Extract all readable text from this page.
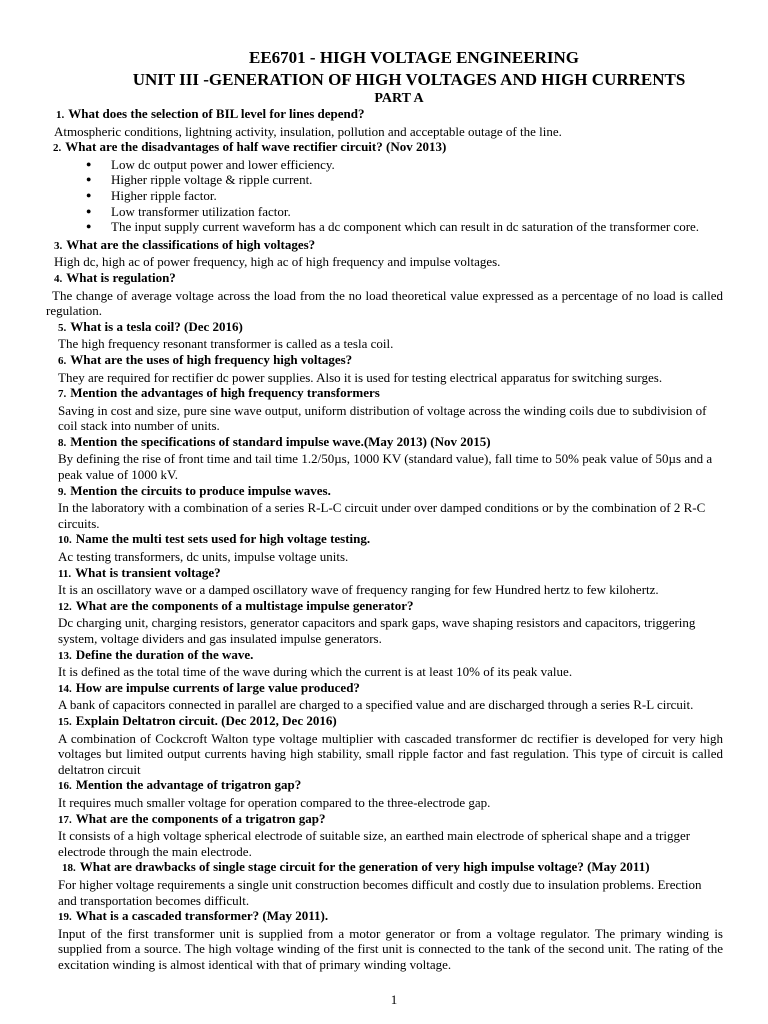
EE6701 - HIGH VOLTAGE ENGINEERING
UNIT III -GENERATION OF HIGH VOLTAGES AND HIGH CURRENTS
PART A

1. What does the selection of BIL level for lines depend?

Atmospheric conditions, lightning activity, insulation, pollution and acceptable outage of the line.

2. What are the disadvantages of half wave rectifier circuit? (Nov 2013)

● Low dc output power and lower efficiency.
● Higher ripple voltage & ripple current.
● Higher ripple factor.
● Low transformer utilization factor.
● The input supply current waveform has a dc component which can result in dc saturation of the transformer core.

3. What are the classifications of high voltages?

High dc, high ac of power frequency, high ac of high frequency and impulse voltages.

4. What is regulation?

The change of average voltage across the load from the no load theoretical value expressed as a percentage of no load is called regulation.

5. What is a tesla coil? (Dec 2016)

The high frequency resonant transformer is called as a tesla coil.

6. What are the uses of high frequency high voltages?

They are required for rectifier dc power supplies. Also it is used for testing electrical apparatus for switching surges.

7. Mention the advantages of high frequency transformers

Saving in cost and size, pure sine wave output, uniform distribution of voltage across the winding coils due to subdivision of coil stack into number of units.

8. Mention the specifications of standard impulse wave.(May 2013) (Nov 2015)

By defining the rise of front time and tail time 1.2/50µs, 1000 KV (standard value), fall time to 50% peak value of 50µs and a peak value of 1000 kV.

9. Mention the circuits to produce impulse waves.

In the laboratory with a combination of a series R-L-C circuit under over damped conditions or by the combination of 2 R-C circuits.

10. Name the multi test sets used for high voltage testing.

Ac testing transformers, dc units, impulse voltage units.

11. What is transient voltage?

It is an oscillatory wave or a damped oscillatory wave of frequency ranging for few Hundred hertz to few kilohertz.

12. What are the components of a multistage impulse generator?

Dc charging unit, charging resistors, generator capacitors and spark gaps, wave shaping resistors and capacitors, triggering system, voltage dividers and gas insulated impulse generators.

13. Define the duration of the wave.

It is defined as the total time of the wave during which the current is at least 10% of its peak value.

14. How are impulse currents of large value produced?

A bank of capacitors connected in parallel are charged to a specified value and are discharged through a series R-L circuit.

15. Explain Deltatron circuit. (Dec 2012, Dec 2016)

A combination of Cockcroft Walton type voltage multiplier with cascaded transformer dc rectifier is developed for very high voltages but limited output currents having high stability, small ripple factor and fast regulation. This type of circuit is called deltatron circuit

16. Mention the advantage of trigatron gap?

It requires much smaller voltage for operation compared to the three-electrode gap.

17. What are the components of a trigatron gap?

It consists of a high voltage spherical electrode of suitable size, an earthed main electrode of spherical shape and a trigger electrode through the main electrode.

18. What are drawbacks of single stage circuit for the generation of very high impulse voltage? (May 2011)

For higher voltage requirements a single unit construction becomes difficult and costly due to insulation problems. Erection and transportation becomes difficult.

19. What is a cascaded transformer? (May 2011).

Input of the first transformer unit is supplied from a motor generator or from a voltage regulator. The primary winding is supplied from a source. The high voltage winding of the first unit is connected to the tank of the second unit. The rating of the excitation winding is almost identical with that of primary winding voltage.

1
